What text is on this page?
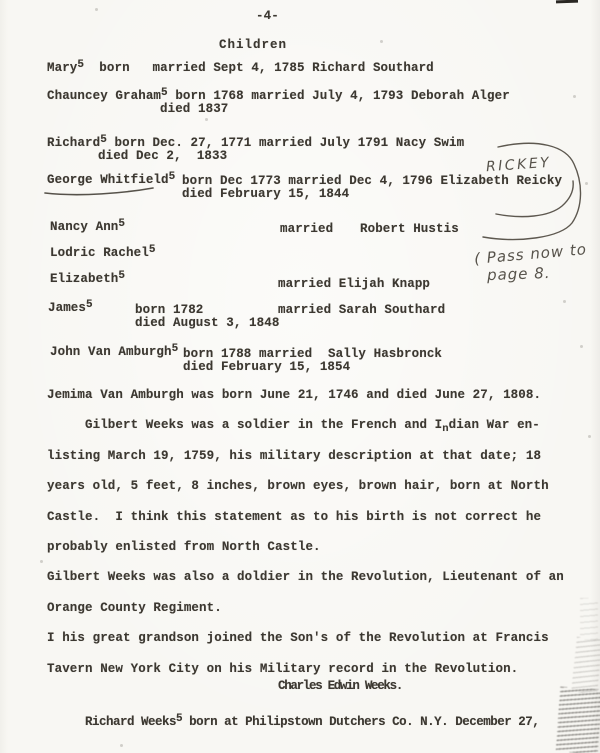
-4-
Children
Mary5  born   married Sept 4, 1785 Richard Southard
Chauncey Graham5 born 1768 married July 4, 1793 Deborah Alger
died 1837
Richard5 born Dec. 27, 1771 married July 1791 Nacy Swim
died Dec 2,  1833
George Whitfield5 born Dec 1773 married Dec 4, 1796 Elizabeth Reicky
died February 15, 1844
Nancy Ann5	married Robert Hustis
Lodric Rachel5
Elizabeth5
married Elijah Knapp
James5	born 1782	married Sarah Southard
died August 3, 1848
John Van Amburgh5 born 1788 married Sally Hasbronck
died February 15, 1854
Jemima Van Amburgh was born June 21, 1746 and died June 27, 1808.
Gilbert Weeks was a soldier in the French and $I_ndian$ War en-
listing March 19, 1759, his military description at that date; 18
years old, 5 feet, 8 inches, brown eyes, brown hair, born at North
Castle.  I think this statement as to his birth is not correct he
probably enlisted from North Castle.
Gilbert Weeks was also a doldier in the Revolution, Lieutenant of an
Orange County Regiment.
I his great grandson joined the Son's of the Revolution at Francis
Tavern New York City on his Military record in the Revolution.
Charles Edwin Weeks.
Richard Weeks5 born at Philipstown Dutchers Co. N.Y. December 27,
RICKEY
( Pass now to
page 8.
